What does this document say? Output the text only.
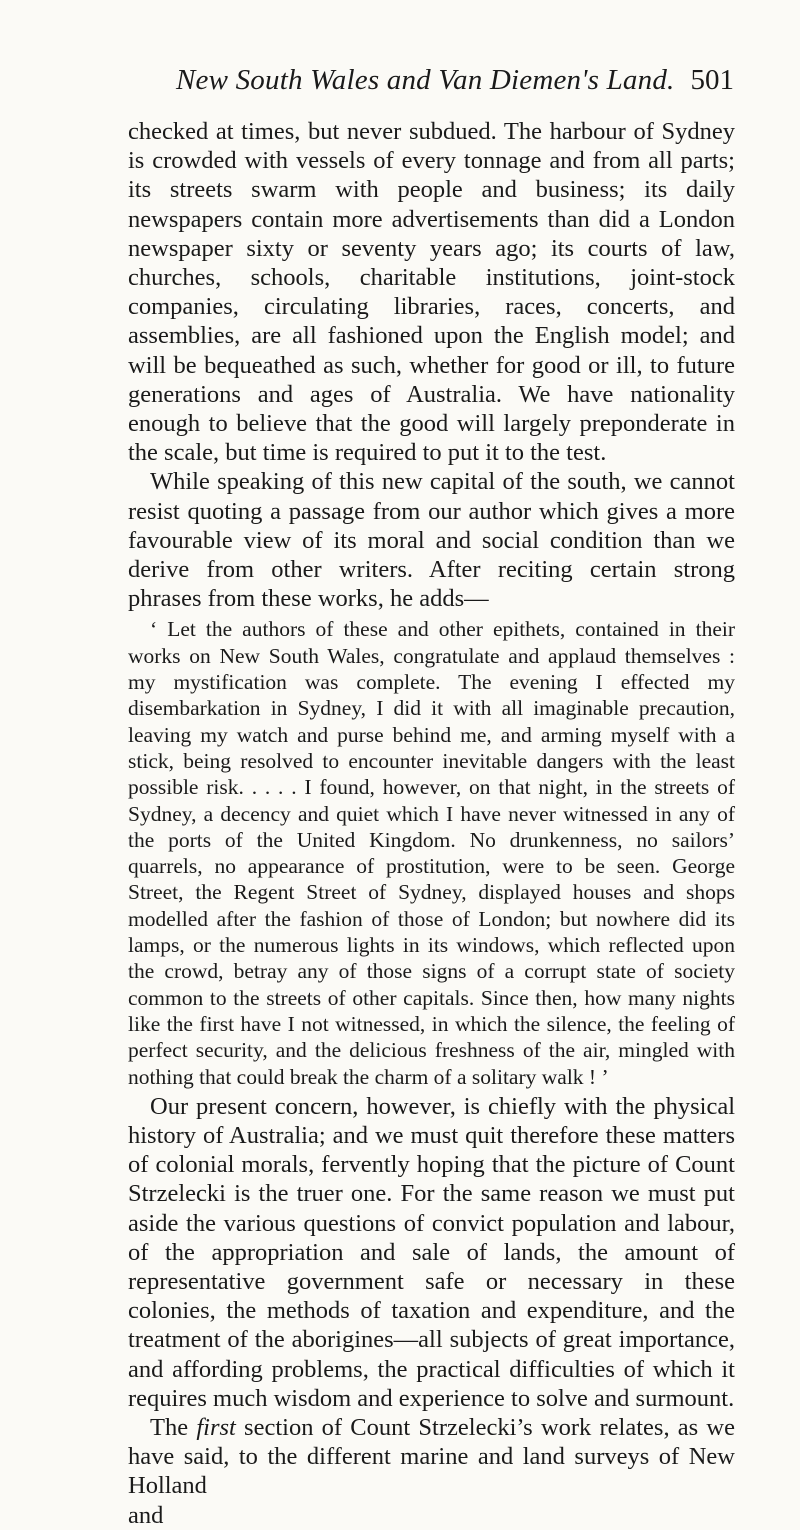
New South Wales and Van Diemen's Land. 501

checked at times, but never subdued. The harbour of Sydney is crowded with vessels of every tonnage and from all parts; its streets swarm with people and business; its daily newspapers contain more advertisements than did a London newspaper sixty or seventy years ago; its courts of law, churches, schools, charitable institutions, joint-stock companies, circulating libraries, races, concerts, and assemblies, are all fashioned upon the English model; and will be bequeathed as such, whether for good or ill, to future generations and ages of Australia. We have nationality enough to believe that the good will largely preponderate in the scale, but time is required to put it to the test.

While speaking of this new capital of the south, we cannot resist quoting a passage from our author which gives a more favourable view of its moral and social condition than we derive from other writers. After reciting certain strong phrases from these works, he adds—

‘ Let the authors of these and other epithets, contained in their works on New South Wales, congratulate and applaud themselves : my mystification was complete. The evening I effected my disembarkation in Sydney, I did it with all imaginable precaution, leaving my watch and purse behind me, and arming myself with a stick, being resolved to encounter inevitable dangers with the least possible risk. . . . . I found, however, on that night, in the streets of Sydney, a decency and quiet which I have never witnessed in any of the ports of the United Kingdom. No drunkenness, no sailors’ quarrels, no appearance of prostitution, were to be seen. George Street, the Regent Street of Sydney, displayed houses and shops modelled after the fashion of those of London; but nowhere did its lamps, or the numerous lights in its windows, which reflected upon the crowd, betray any of those signs of a corrupt state of society common to the streets of other capitals. Since then, how many nights like the first have I not witnessed, in which the silence, the feeling of perfect security, and the delicious freshness of the air, mingled with nothing that could break the charm of a solitary walk ! ’

Our present concern, however, is chiefly with the physical history of Australia; and we must quit therefore these matters of colonial morals, fervently hoping that the picture of Count Strzelecki is the truer one. For the same reason we must put aside the various questions of convict population and labour, of the appropriation and sale of lands, the amount of representative government safe or necessary in these colonies, the methods of taxation and expenditure, and the treatment of the aborigines—all subjects of great importance, and affording problems, the practical difficulties of which it requires much wisdom and experience to solve and surmount.

The first section of Count Strzelecki’s work relates, as we have said, to the different marine and land surveys of New Holland

and
